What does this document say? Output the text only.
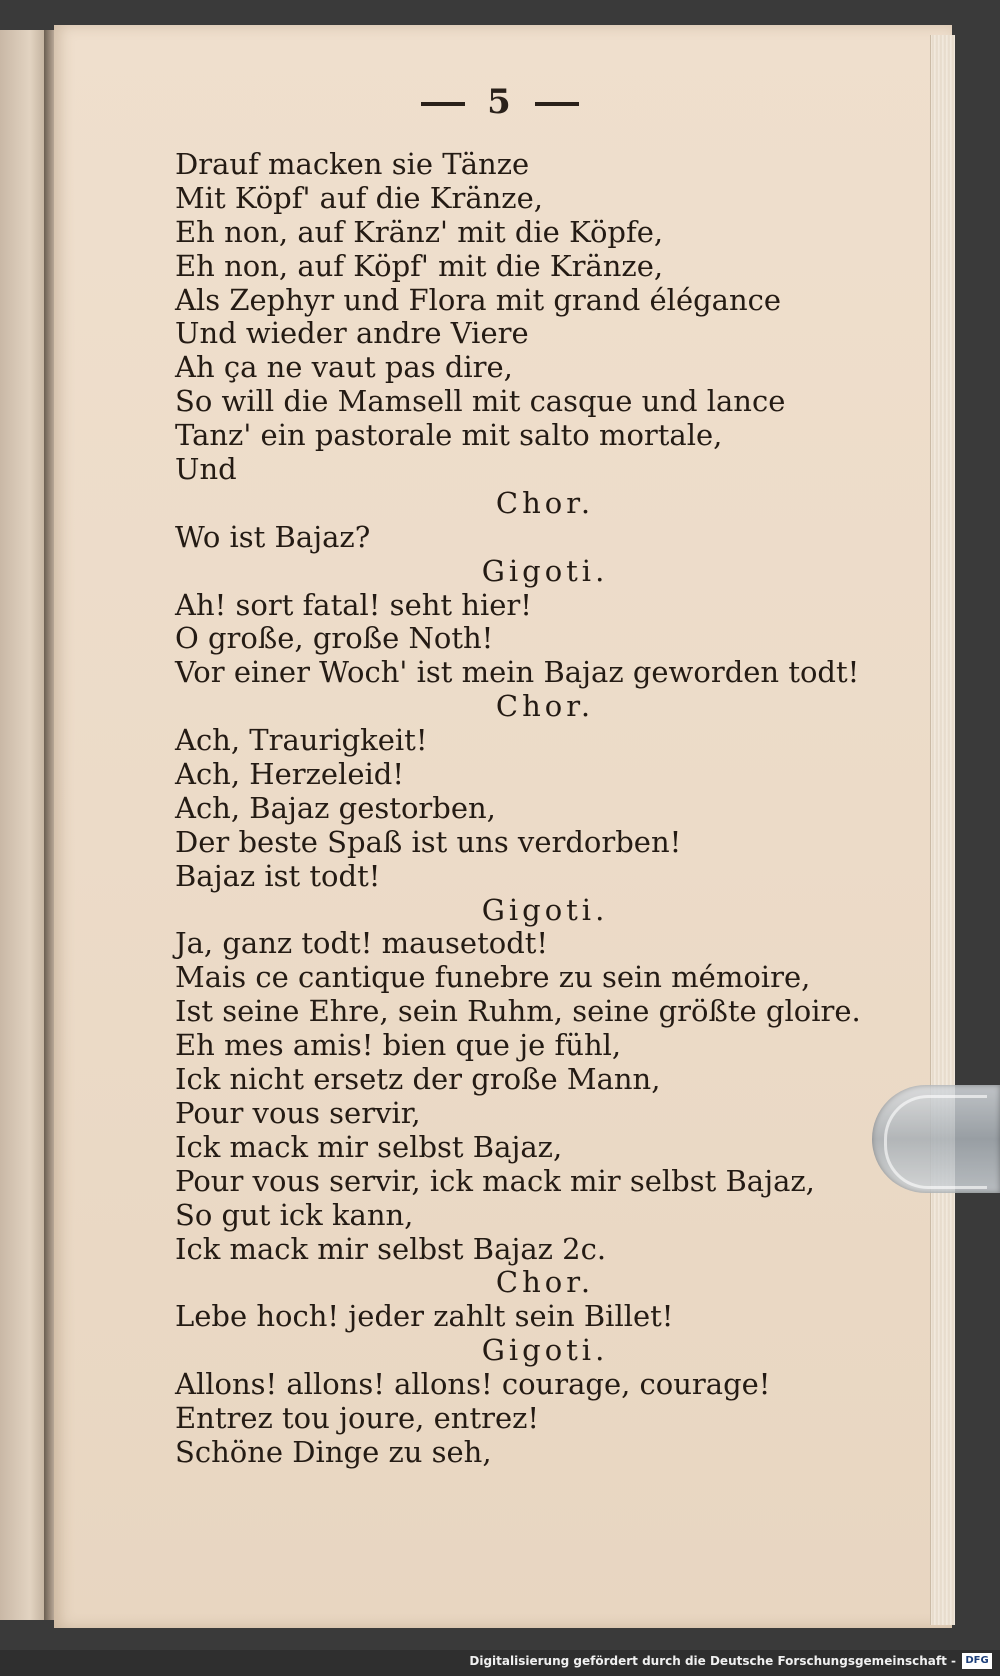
5
Drauf macken sie Tänze
Mit Köpf' auf die Kränze,
Eh non, auf Kränz' mit die Köpfe,
Eh non, auf Köpf' mit die Kränze,
Als Zephyr und Flora mit grand élégance
Und wieder andre Viere
Ah ça ne vaut pas dire,
So will die Mamsell mit casque und lance
Tanz' ein pastorale mit salto mortale,
Und
Chor.
Wo ist Bajaz?
Gigoti.
Ah! sort fatal! seht hier!
O große, große Noth!
Vor einer Woch' ist mein Bajaz geworden todt!
Chor.
Ach, Traurigkeit!
Ach, Herzeleid!
Ach, Bajaz gestorben,
Der beste Spaß ist uns verdorben!
Bajaz ist todt!
Gigoti.
Ja, ganz todt! mausetodt!
Mais ce cantique funebre zu sein mémoire,
Ist seine Ehre, sein Ruhm, seine größte gloire.
Eh mes amis! bien que je fühl,
Ick nicht ersetz der große Mann,
Pour vous servir,
Ick mack mir selbst Bajaz,
Pour vous servir, ick mack mir selbst Bajaz,
So gut ick kann,
Ick mack mir selbst Bajaz 2c.
Chor.
Lebe hoch! jeder zahlt sein Billet!
Gigoti.
Allons! allons! allons! courage, courage!
Entrez tou joure, entrez!
Schöne Dinge zu seh,
Digitalisierung gefördert durch die Deutsche Forschungsgemeinschaft - DFG
